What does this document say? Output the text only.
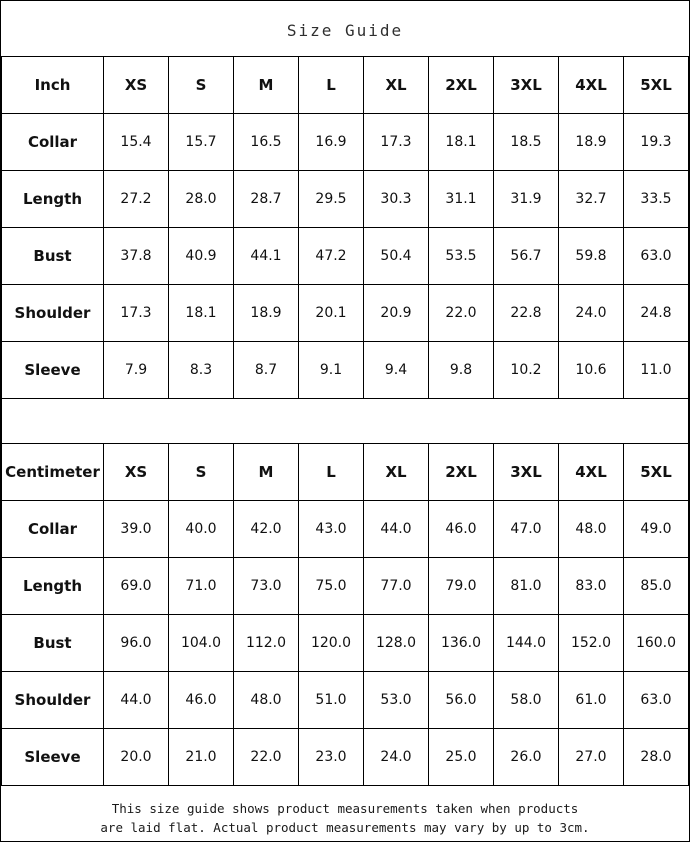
Size Guide
Inch	XS	S	M	L	XL	2XL	3XL	4XL	5XL
Collar	15.4	15.7	16.5	16.9	17.3	18.1	18.5	18.9	19.3
Length	27.2	28.0	28.7	29.5	30.3	31.1	31.9	32.7	33.5
Bust	37.8	40.9	44.1	47.2	50.4	53.5	56.7	59.8	63.0
Shoulder	17.3	18.1	18.9	20.1	20.9	22.0	22.8	24.0	24.8
Sleeve	7.9	8.3	8.7	9.1	9.4	9.8	10.2	10.6	11.0
Centimeter	XS	S	M	L	XL	2XL	3XL	4XL	5XL
Collar	39.0	40.0	42.0	43.0	44.0	46.0	47.0	48.0	49.0
Length	69.0	71.0	73.0	75.0	77.0	79.0	81.0	83.0	85.0
Bust	96.0	104.0	112.0	120.0	128.0	136.0	144.0	152.0	160.0
Shoulder	44.0	46.0	48.0	51.0	53.0	56.0	58.0	61.0	63.0
Sleeve	20.0	21.0	22.0	23.0	24.0	25.0	26.0	27.0	28.0
This size guide shows product measurements taken when products
are laid flat. Actual product measurements may vary by up to 3cm.
